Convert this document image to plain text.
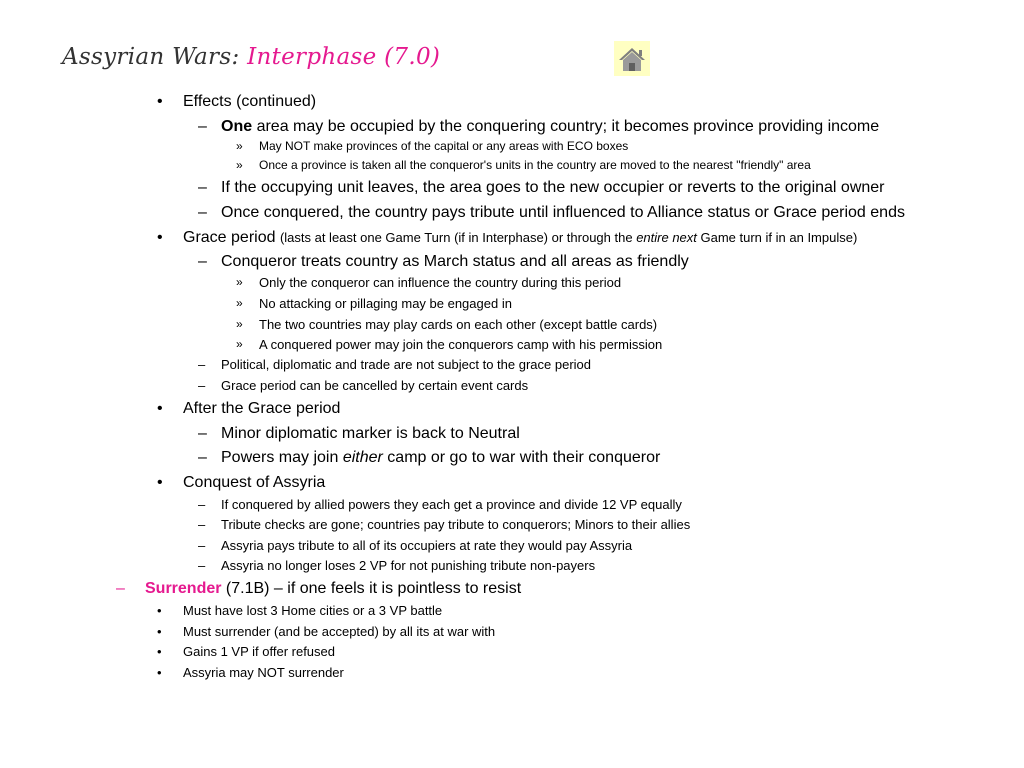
Assyrian Wars: Interphase (7.0)
• Effects (continued)
– One area may be occupied by the conquering country; it becomes province providing income
» May NOT make provinces of the capital or any areas with ECO boxes
» Once a province is taken all the conqueror's units in the country are moved to the nearest "friendly" area
– If the occupying unit leaves, the area goes to the new occupier or reverts to the original owner
– Once conquered, the country pays tribute until influenced to Alliance status or Grace period ends
• Grace period (lasts at least one Game Turn (if in Interphase) or through the entire next Game turn if in an Impulse)
– Conqueror treats country as March status and all areas as friendly
» Only the conqueror can influence the country during this period
» No attacking or pillaging may be engaged in
» The two countries may play cards on each other (except battle cards)
» A conquered power may join the conquerors camp with his permission
– Political, diplomatic and trade are not subject to the grace period
– Grace period can be cancelled by certain event cards
• After the Grace period
– Minor diplomatic marker is back to Neutral
– Powers may join either camp or go to war with their conqueror
• Conquest of Assyria
– If conquered by allied powers they each get a province and divide 12 VP equally
– Tribute checks are gone; countries pay tribute to conquerors; Minors to their allies
– Assyria pays tribute to all of its occupiers at rate they would pay Assyria
– Assyria no longer loses 2 VP for not punishing tribute non-payers
– Surrender (7.1B) – if one feels it is pointless to resist
• Must have lost 3 Home cities or a 3 VP battle
• Must surrender (and be accepted) by all its at war with
• Gains 1 VP if offer refused
• Assyria may NOT surrender
